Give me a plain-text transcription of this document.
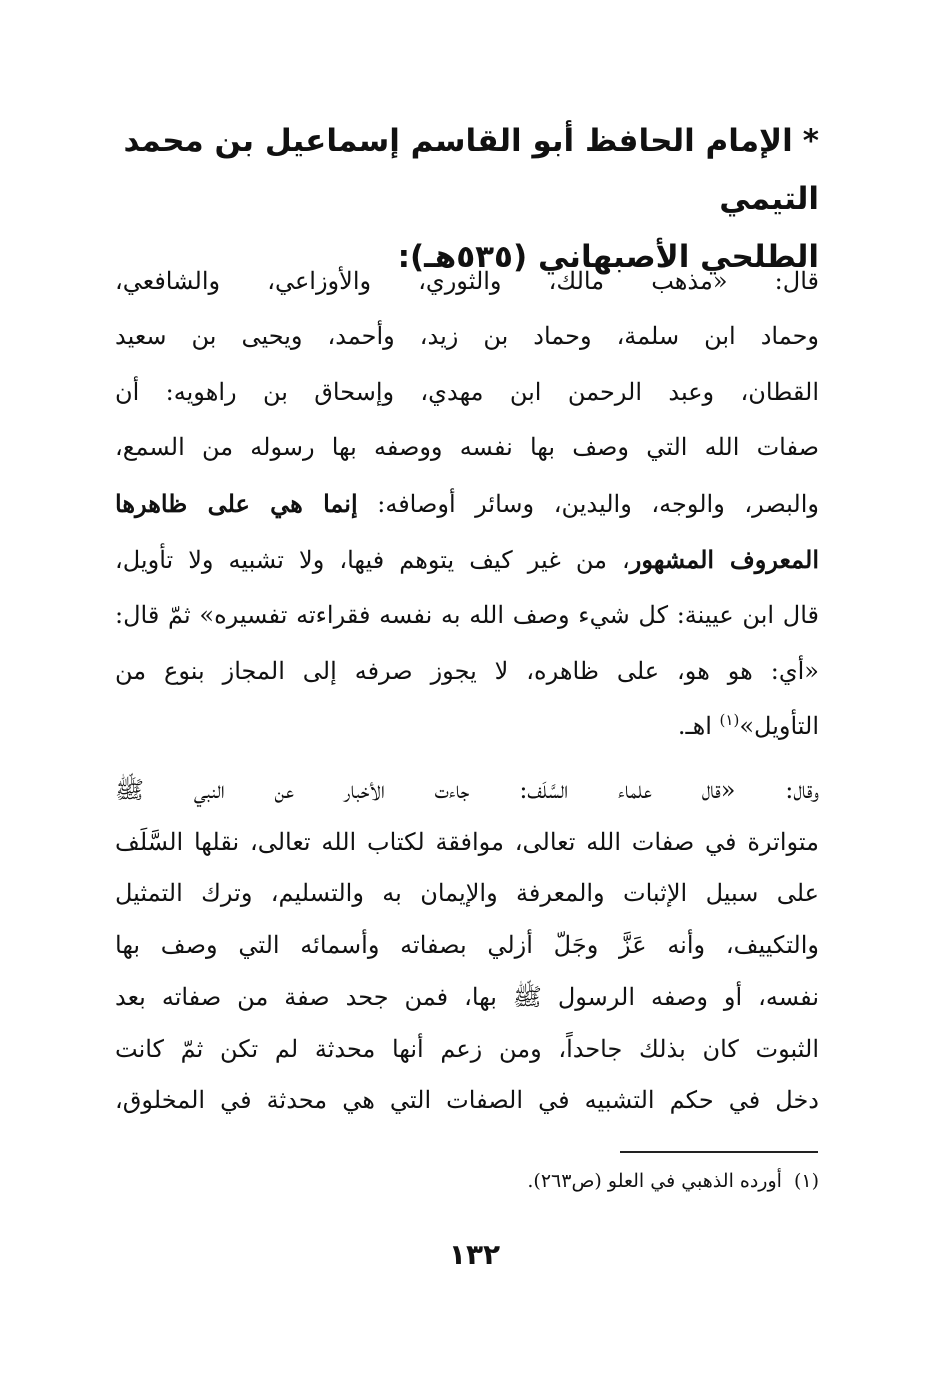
*الإمام الحافظ أبو القاسم إسماعيل بن محمد التيمي
الطلحي الأصبهاني (٥٣٥هـ):
قال: «مذهب مالك، والثوري، والأوزاعي، والشافعي،
وحماد ابن سلمة، وحماد بن زيد، وأحمد، ويحيى بن سعيد
القطان، وعبد الرحمن ابن مهدي، وإسحاق بن راهويه: أن
صفات الله التي وصف بها نفسه ووصفه بها رسوله من السمع،
والبصر، والوجه، واليدين، وسائر أوصافه: إنما هي على ظاهرها
المعروف المشهور، من غير كيف يتوهم فيها، ولا تشبيه ولا تأويل،
قال ابن عيينة: كل شيء وصف الله به نفسه فقراءته تفسيره» ثمّ قال:
«أي: هو هو، على ظاهره، لا يجوز صرفه إلى المجاز بنوع من
التأويل»$^{(١)}$ اهـ.
وقال: «قال علماء السَّلَف: جاءت الأخبار عن النبي ﷺ
متواترة في صفات الله تعالى، موافقة لكتاب الله تعالى، نقلها السَّلَف
على سبيل الإثبات والمعرفة والإيمان به والتسليم، وترك التمثيل
والتكييف، وأنه عَزَّ وجَلّ أزلي بصفاته وأسمائه التي وصف بها
نفسه، أو وصفه الرسول ﷺ بها، فمن جحد صفة من صفاته بعد
الثبوت كان بذلك جاحداً، ومن زعم أنها محدثة لم تكن ثمّ كانت
دخل في حكم التشبيه في الصفات التي هي محدثة في المخلوق،
(١)أورده الذهبي في العلو (ص٢٦٣).
١٣٢
